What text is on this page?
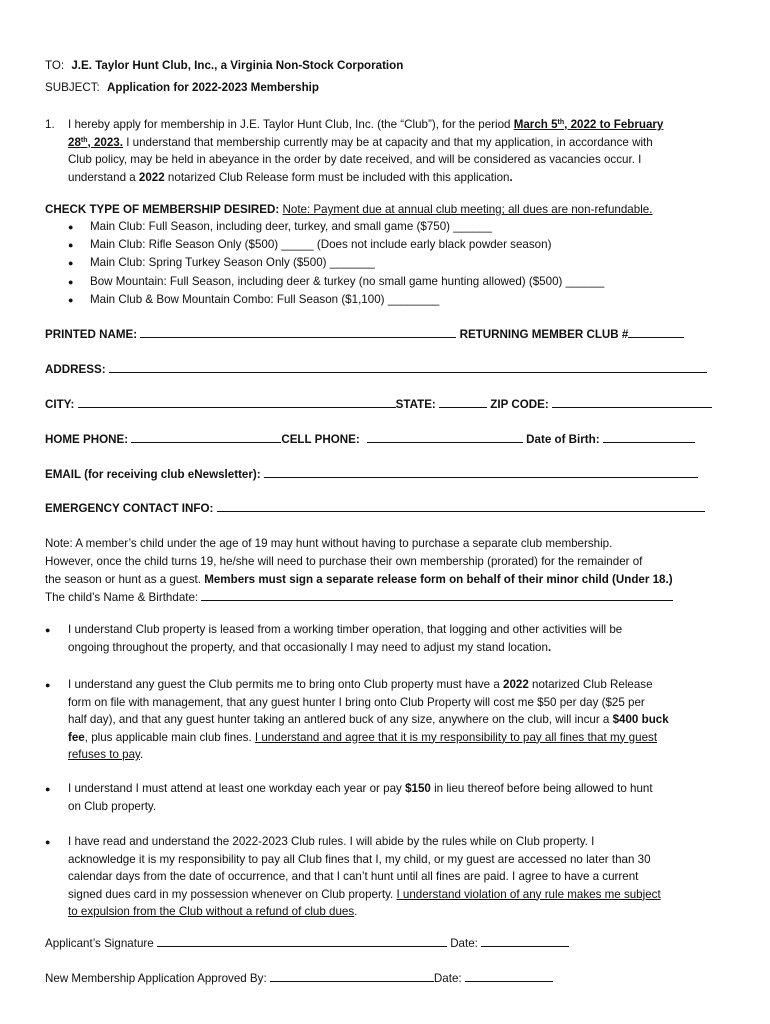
TO: J.E. Taylor Hunt Club, Inc., a Virginia Non-Stock Corporation
SUBJECT: Application for 2022-2023 Membership
1. I hereby apply for membership in J.E. Taylor Hunt Club, Inc. (the “Club”), for the period March 5th, 2022 to February
28th, 2023. I understand that membership currently may be at capacity and that my application, in accordance with
Club policy, may be held in abeyance in the order by date received, and will be considered as vacancies occur. I
understand a 2022 notarized Club Release form must be included with this application.
CHECK TYPE OF MEMBERSHIP DESIRED: Note: Payment due at annual club meeting; all dues are non-refundable.
● Main Club: Full Season, including deer, turkey, and small game ($750) ______
● Main Club: Rifle Season Only ($500) _____ (Does not include early black powder season)
● Main Club: Spring Turkey Season Only ($500) _______
● Bow Mountain: Full Season, including deer & turkey (no small game hunting allowed) ($500) ______
● Main Club & Bow Mountain Combo: Full Season ($1,100) ________
PRINTED NAME:	RETURNING MEMBER CLUB #
ADDRESS:
CITY:	STATE:	ZIP CODE:
HOME PHONE:	CELL PHONE:	Date of Birth:
EMAIL (for receiving club eNewsletter):
EMERGENCY CONTACT INFO:
Note: A member’s child under the age of 19 may hunt without having to purchase a separate club membership.
However, once the child turns 19, he/she will need to purchase their own membership (prorated) for the remainder of
the season or hunt as a guest. Members must sign a separate release form on behalf of their minor child (Under 18.)
The child’s Name & Birthdate:
● I understand Club property is leased from a working timber operation, that logging and other activities will be
ongoing throughout the property, and that occasionally I may need to adjust my stand location.
● I understand any guest the Club permits me to bring onto Club property must have a 2022 notarized Club Release
form on file with management, that any guest hunter I bring onto Club Property will cost me $50 per day ($25 per
half day), and that any guest hunter taking an antlered buck of any size, anywhere on the club, will incur a $400 buck
fee, plus applicable main club fines. I understand and agree that it is my responsibility to pay all fines that my guest
refuses to pay.
● I understand I must attend at least one workday each year or pay $150 in lieu thereof before being allowed to hunt
on Club property.
● I have read and understand the 2022-2023 Club rules. I will abide by the rules while on Club property. I
acknowledge it is my responsibility to pay all Club fines that I, my child, or my guest are accessed no later than 30
calendar days from the date of occurrence, and that I can’t hunt until all fines are paid. I agree to have a current
signed dues card in my possession whenever on Club property. I understand violation of any rule makes me subject
to expulsion from the Club without a refund of club dues.
Applicant’s Signature	Date:
New Membership Application Approved By:	Date:
